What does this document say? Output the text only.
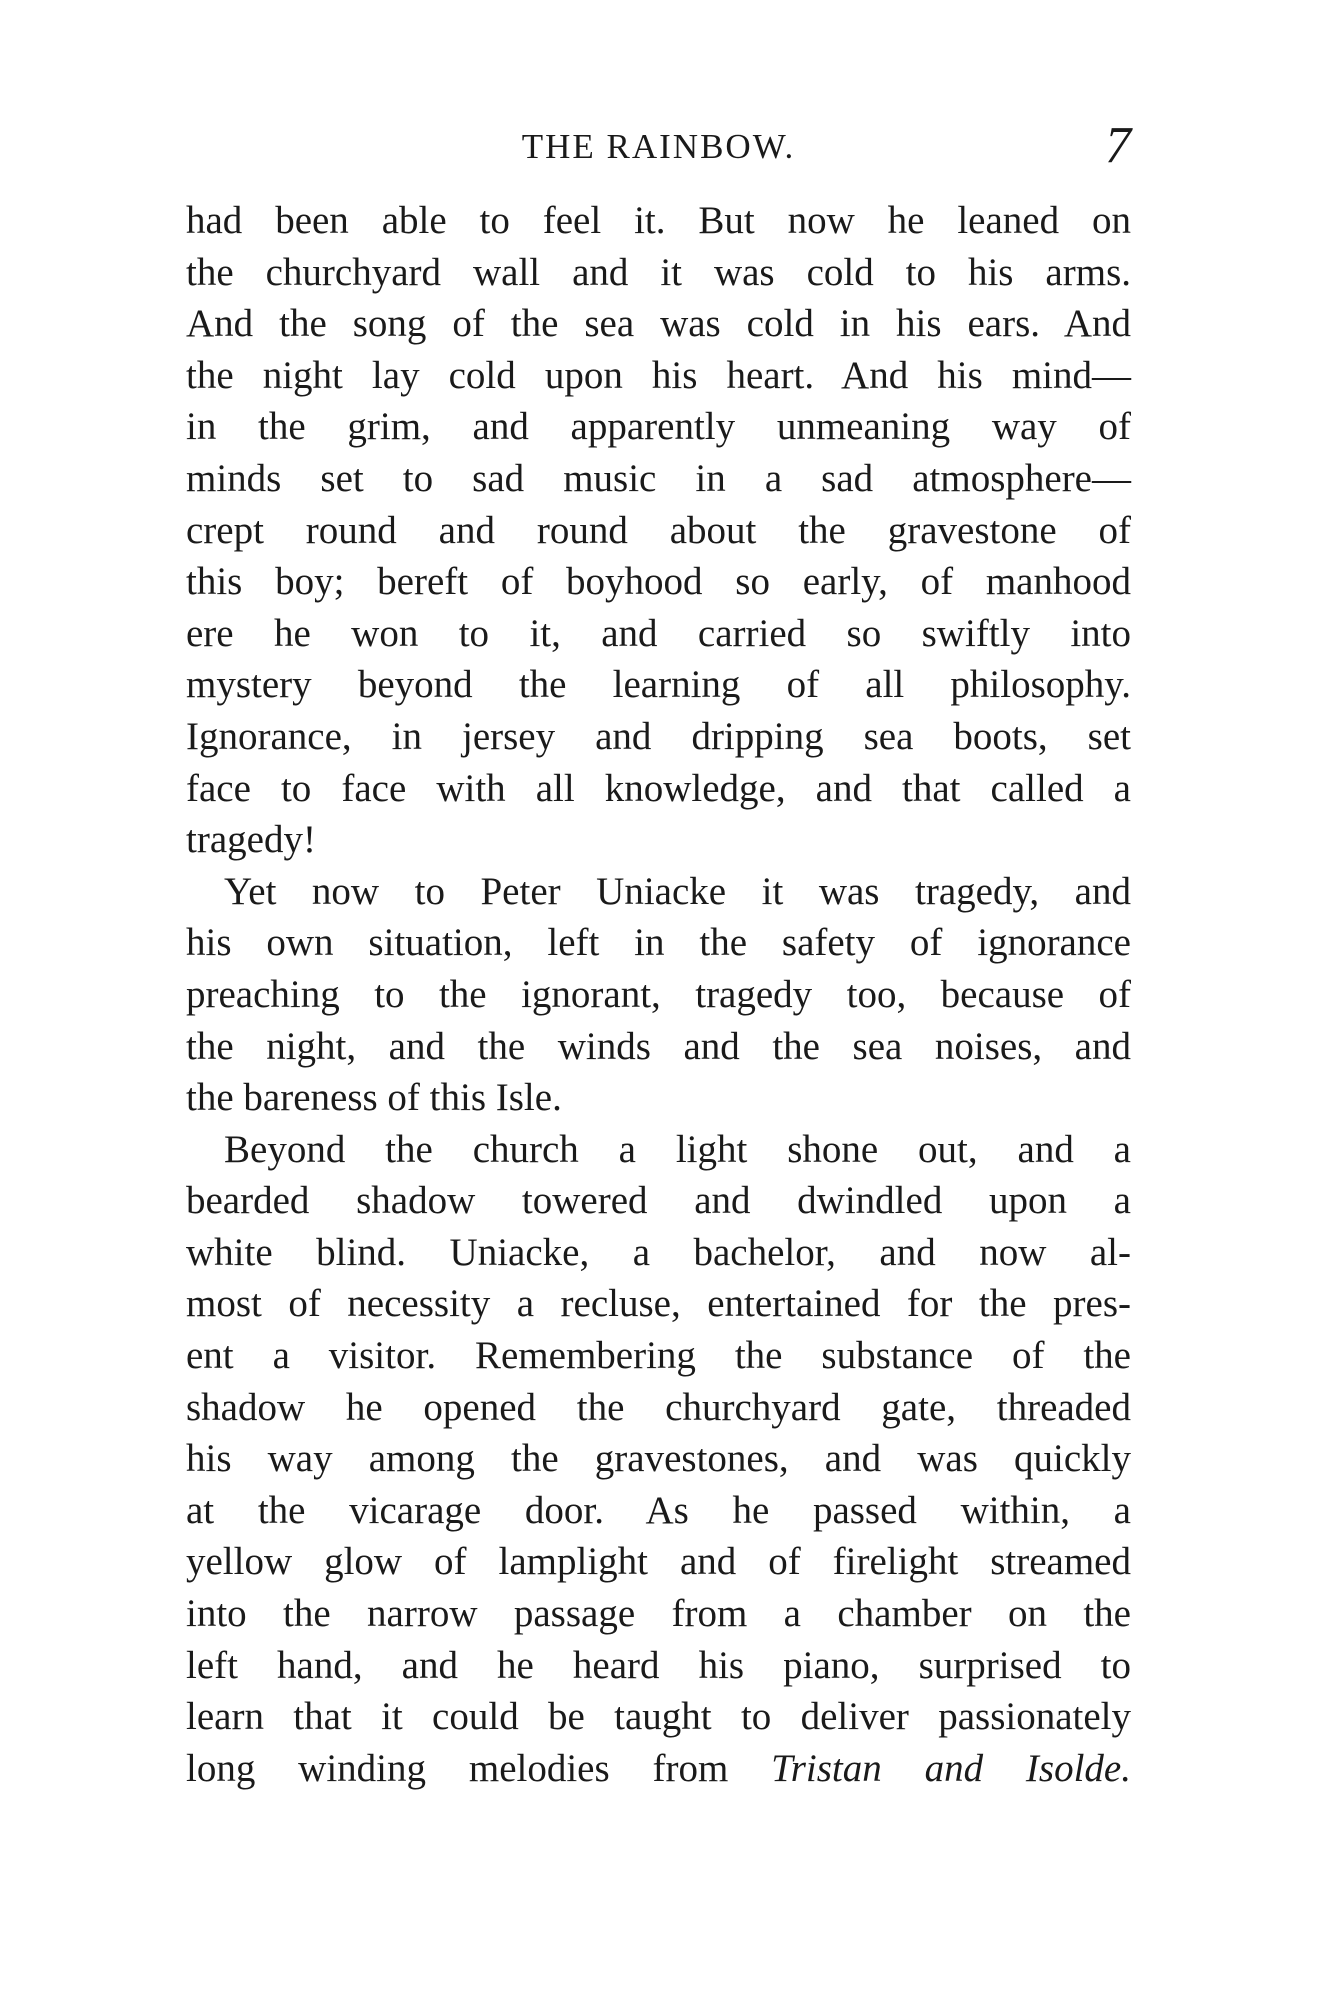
THE RAINBOW.	7
had been able to feel it. But now he leaned on
the churchyard wall and it was cold to his arms.
And the song of the sea was cold in his ears. And
the night lay cold upon his heart. And his mind—
in the grim, and apparently unmeaning way of
minds set to sad music in a sad atmosphere—
crept round and round about the gravestone of
this boy; bereft of boyhood so early, of manhood
ere he won to it, and carried so swiftly into
mystery beyond the learning of all philosophy.
Ignorance, in jersey and dripping sea boots, set
face to face with all knowledge, and that called a
tragedy!
Yet now to Peter Uniacke it was tragedy, and
his own situation, left in the safety of ignorance
preaching to the ignorant, tragedy too, because of
the night, and the winds and the sea noises, and
the bareness of this Isle.
Beyond the church a light shone out, and a
bearded shadow towered and dwindled upon a
white blind. Uniacke, a bachelor, and now al-
most of necessity a recluse, entertained for the pres-
ent a visitor. Remembering the substance of the
shadow he opened the churchyard gate, threaded
his way among the gravestones, and was quickly
at the vicarage door. As he passed within, a
yellow glow of lamplight and of firelight streamed
into the narrow passage from a chamber on the
left hand, and he heard his piano, surprised to
learn that it could be taught to deliver passionately
long winding melodies from Tristan and Isolde.
